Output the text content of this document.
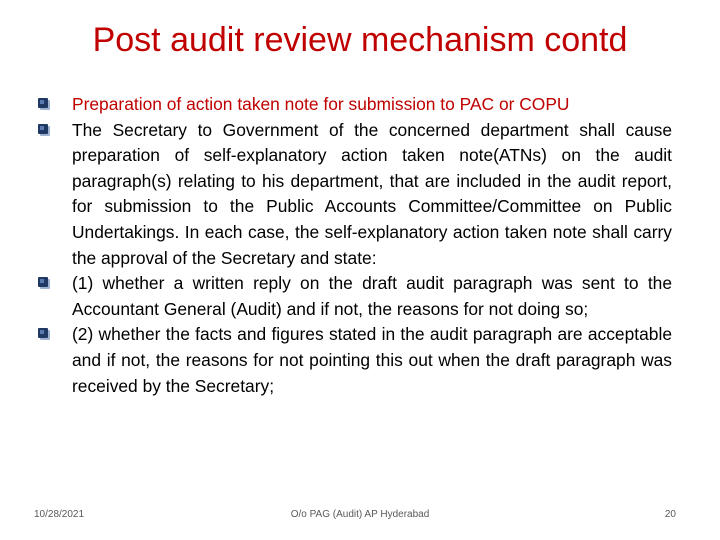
Post audit review mechanism contd
Preparation of action taken note for submission to PAC or COPU
The Secretary to Government of the concerned department shall cause preparation of self-explanatory action taken note(ATNs) on the audit paragraph(s) relating to his department, that are included in the audit report, for submission to the Public Accounts Committee/Committee on Public Undertakings. In each case, the self-explanatory action taken note shall carry the approval of the Secretary and state:
(1) whether a written reply on the draft audit paragraph was sent to the Accountant General (Audit) and if not, the reasons for not doing so;
(2) whether the facts and figures stated in the audit paragraph are acceptable and if not, the reasons for not pointing this out when the draft paragraph was received by the Secretary;
10/28/2021	O/o PAG (Audit) AP Hyderabad	20
